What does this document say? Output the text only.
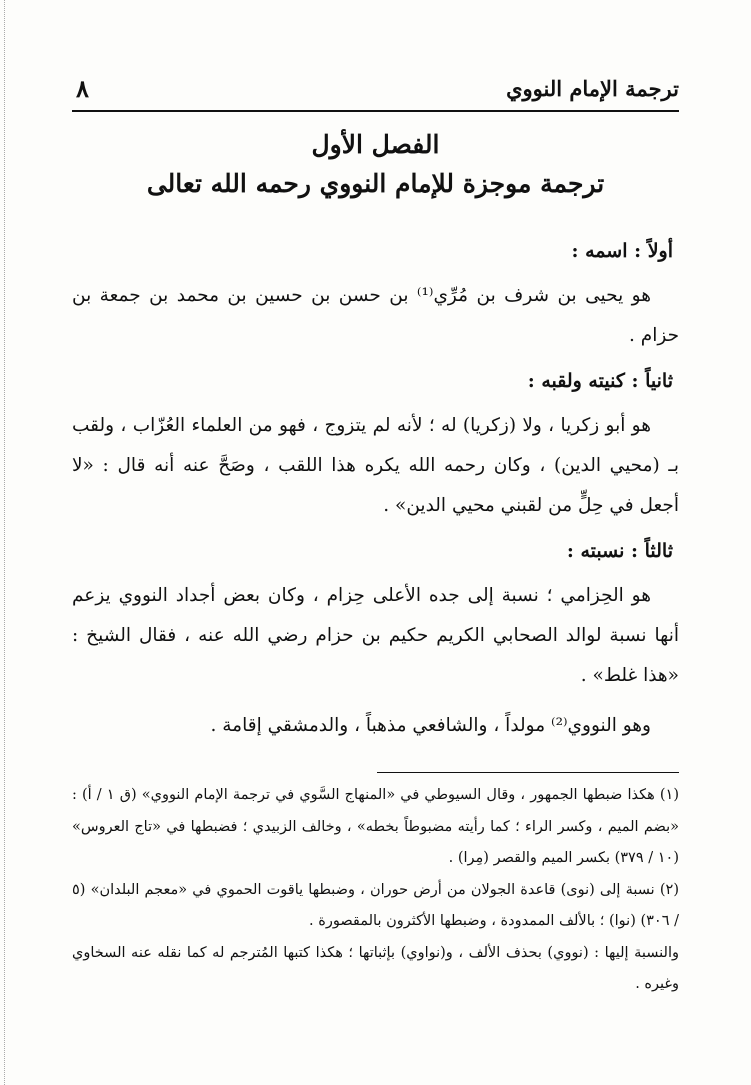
ترجمة الإمام النووي
٨
الفصل الأول
ترجمة موجزة للإمام النووي رحمه الله تعالى
أولاً : اسمه :

هو يحيى بن شرف بن مُرِّي⁽¹⁾ بن حسن بن حسين بن محمد بن جمعة بن حزام .

ثانياً : كنيته ولقبه :

هو أبو زكريا ، ولا (زكريا) له ؛ لأنه لم يتزوج ، فهو من العلماء العُزّاب ، ولقب بـ (محيي الدين) ، وكان رحمه الله يكره هذا اللقب ، وصَحَّ عنه أنه قال : «لا أجعل في حِلٍّ من لقبني محيي الدين» .

ثالثاً : نسبته :

هو الحِزامي ؛ نسبة إلى جده الأعلى حِزام ، وكان بعض أجداد النووي يزعم أنها نسبة لوالد الصحابي الكريم حكيم بن حزام رضي الله عنه ، فقال الشيخ : «هذا غلط» .

وهو النووي⁽²⁾ مولداً ، والشافعي مذهباً ، والدمشقي إقامة .

(١) هكذا ضبطها الجمهور ، وقال السيوطي في «المنهاج السَّوي في ترجمة الإمام النووي» (ق ١ / أ) : «بضم الميم ، وكسر الراء ؛ كما رأيته مضبوطاً بخطه» ، وخالف الزبيدي ؛ فضبطها في «تاج العروس» (١٠ / ٣٧٩) بكسر الميم والقصر (مِرا) .

(٢) نسبة إلى (نوى) قاعدة الجولان من أرض حوران ، وضبطها ياقوت الحموي في «معجم البلدان» (٥ / ٣٠٦) (نوا) ؛ بالألف الممدودة ، وضبطها الأكثرون بالمقصورة .

والنسبة إليها : (نووي) بحذف الألف ، و(نواوي) بإثباتها ؛ هكذا كتبها المُترجم له كما نقله عنه السخاوي وغيره .
